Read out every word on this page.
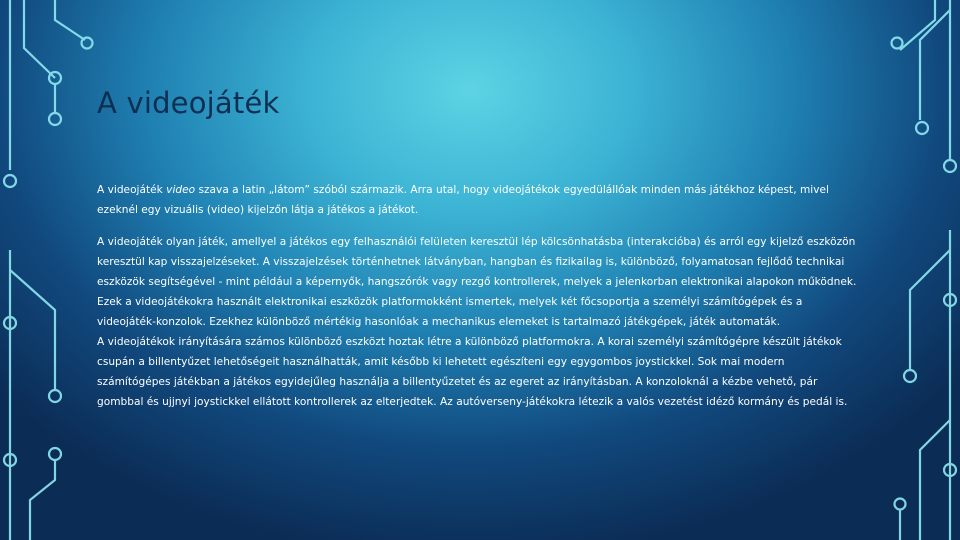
A videojáték

A videojáték video szava a latin „látom” szóból származik. Arra utal, hogy videojátékok egyedülállóak minden más játékhoz képest, mivel ezeknél egy vizuális (video) kijelzőn látja a játékos a játékot.

A videojáték olyan játék, amellyel a játékos egy felhasználói felületen keresztül lép kölcsönhatásba (interakcióba) és arról egy kijelző eszközön keresztül kap visszajelzéseket. A visszajelzések történhetnek látványban, hangban és fizikailag is, különböző, folyamatosan fejlődő technikai eszközök segítségével - mint például a képernyők, hangszórók vagy rezgő kontrollerek, melyek a jelenkorban elektronikai alapokon működnek. Ezek a videojátékokra használt elektronikai eszközök platformokként ismertek, melyek két főcsoportja a személyi számítógépek és a videojáték-konzolok. Ezekhez különböző mértékig hasonlóak a mechanikus elemeket is tartalmazó játékgépek, játék automaták.

A videojátékok irányítására számos különböző eszközt hoztak létre a különböző platformokra. A korai személyi számítógépre készült játékok csupán a billentyűzet lehetőségeit használhatták, amit később ki lehetett egészíteni egy egygombos joystickkel. Sok mai modern számítógépes játékban a játékos egyidejűleg használja a billentyűzetet és az egeret az irányításban. A konzoloknál a kézbe vehető, pár gombbal és ujjnyi joystickkel ellátott kontrollerek az elterjedtek. Az autóverseny-játékokra létezik a valós vezetést idéző kormány és pedál is.
